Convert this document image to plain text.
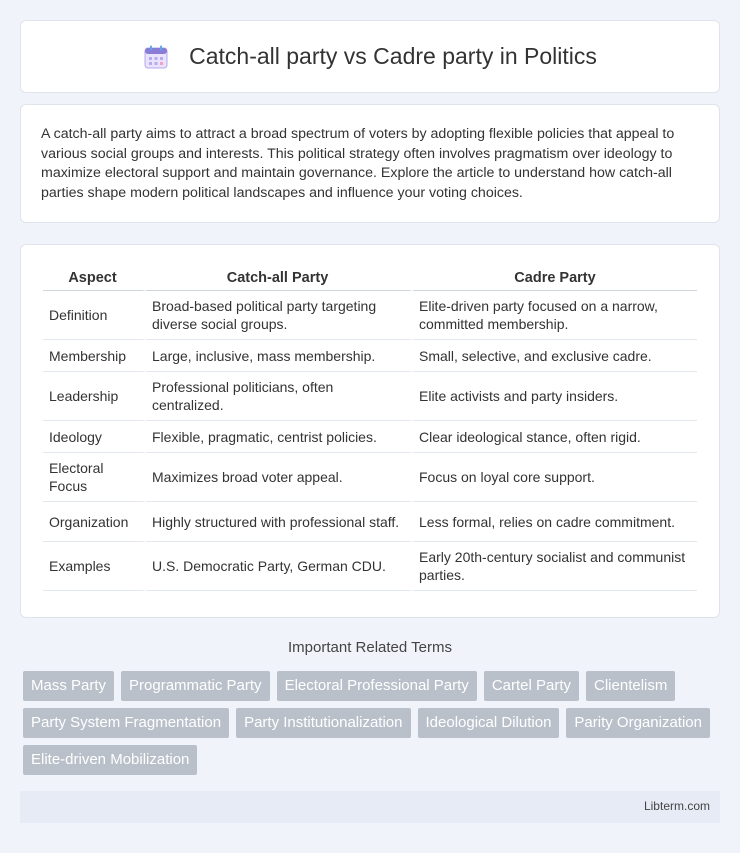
Catch-all party vs Cadre party in Politics

A catch-all party aims to attract a broad spectrum of voters by adopting flexible policies that appeal to various social groups and interests. This political strategy often involves pragmatism over ideology to maximize electoral support and maintain governance. Explore the article to understand how catch-all parties shape modern political landscapes and influence your voting choices.

Aspect	Catch-all Party	Cadre Party
Definition	Broad-based political party targeting diverse social groups.	Elite-driven party focused on a narrow, committed membership.
Membership	Large, inclusive, mass membership.	Small, selective, and exclusive cadre.
Leadership	Professional politicians, often centralized.	Elite activists and party insiders.
Ideology	Flexible, pragmatic, centrist policies.	Clear ideological stance, often rigid.
Electoral Focus	Maximizes broad voter appeal.	Focus on loyal core support.
Organization	Highly structured with professional staff.	Less formal, relies on cadre commitment.
Examples	U.S. Democratic Party, German CDU.	Early 20th-century socialist and communist parties.
Important Related Terms
Mass Party	Programmatic Party	Electoral Professional Party	Cartel Party	Clientelism
Party System Fragmentation	Party Institutionalization	Ideological Dilution	Parity Organization
Elite-driven Mobilization
Libterm.com
